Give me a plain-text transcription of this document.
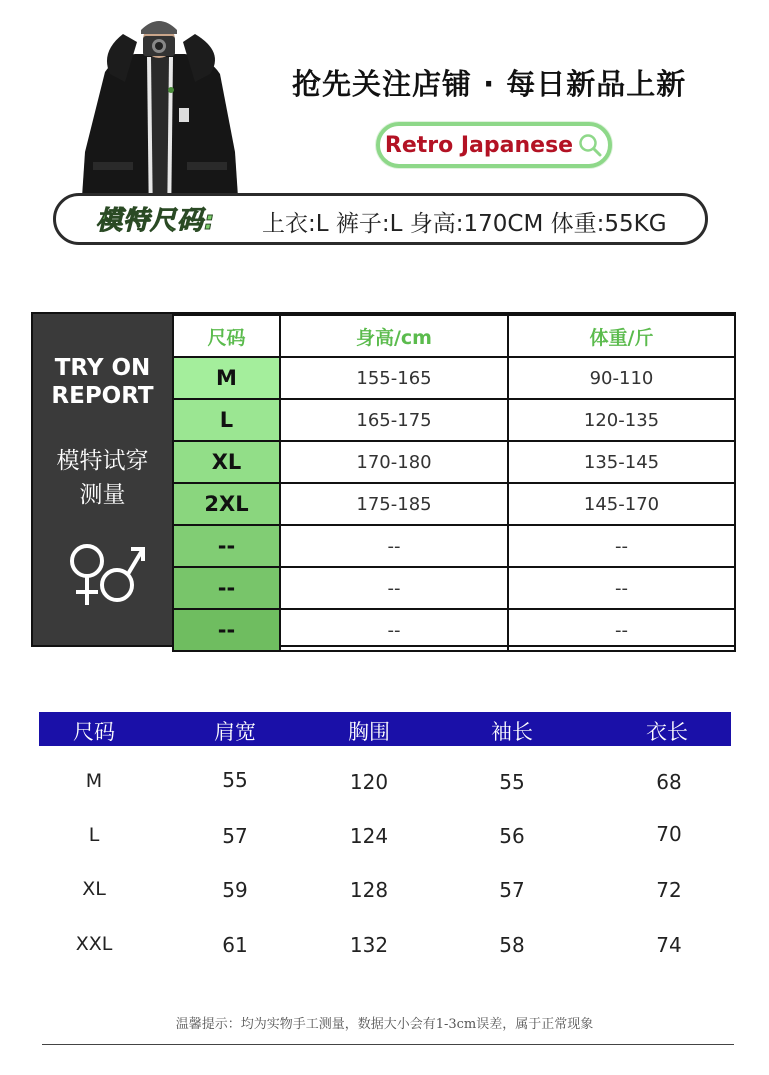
抢先关注店铺 · 每日新品上新
Retro Japanese
模特尺码: 上衣:L 裤子:L 身高:170CM 体重:55KG
TRY ON
REPORT
模特试穿
测量
尺码	身高/cm	体重/斤
M	155-165	90-110
L	165-175	120-135
XL	170-180	135-145
2XL	175-185	145-170
--	--	--
--	--	--
--	--	--
尺码	肩宽	胸围	袖长	衣长
M	55	120	55	68
L	57	124	56	70
XL	59	128	57	72
XXL	61	132	58	74
温馨提示：均为实物手工测量，数据大小会有1-3cm误差，属于正常现象
